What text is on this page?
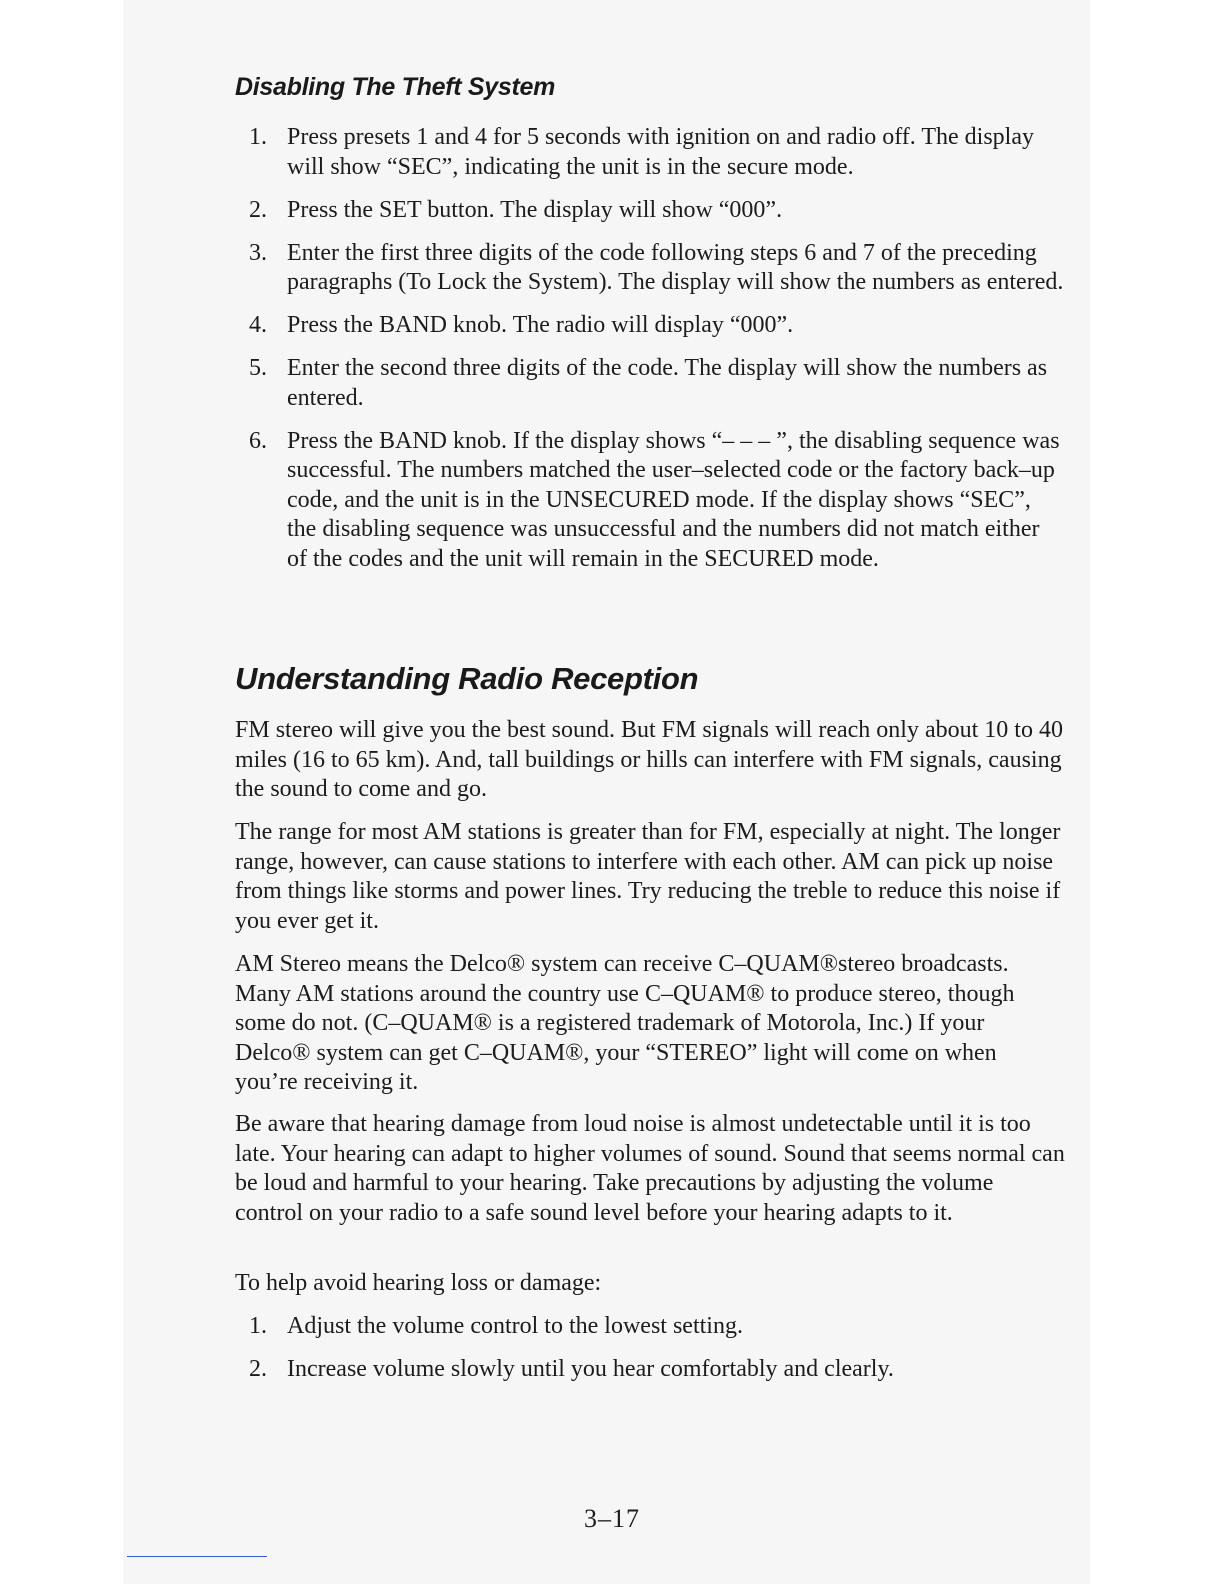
Disabling The Theft System
1. Press presets 1 and 4 for 5 seconds with ignition on and radio off. The display will show “SEC”, indicating the unit is in the secure mode.
2. Press the SET button. The display will show “000”.
3. Enter the first three digits of the code following steps 6 and 7 of the preceding paragraphs (To Lock the System). The display will show the numbers as entered.
4. Press the BAND knob. The radio will display “000”.
5. Enter the second three digits of the code. The display will show the numbers as entered.
6. Press the BAND knob. If the display shows “– – – ”, the disabling sequence was successful. The numbers matched the user–selected code or the factory back–up code, and the unit is in the UNSECURED mode. If the display shows “SEC”, the disabling sequence was unsuccessful and the numbers did not match either of the codes and the unit will remain in the SECURED mode.
Understanding Radio Reception

FM stereo will give you the best sound. But FM signals will reach only about 10 to 40 miles (16 to 65 km). And, tall buildings or hills can interfere with FM signals, causing the sound to come and go.

The range for most AM stations is greater than for FM, especially at night. The longer range, however, can cause stations to interfere with each other. AM can pick up noise from things like storms and power lines. Try reducing the treble to reduce this noise if you ever get it.

AM Stereo means the Delco® system can receive C–QUAM®stereo broadcasts. Many AM stations around the country use C–QUAM® to produce stereo, though some do not. (C–QUAM® is a registered trademark of Motorola, Inc.) If your Delco® system can get C–QUAM®, your “STEREO” light will come on when you’re receiving it.

Be aware that hearing damage from loud noise is almost undetectable until it is too late. Your hearing can adapt to higher volumes of sound. Sound that seems normal can be loud and harmful to your hearing. Take precautions by adjusting the volume control on your radio to a safe sound level before your hearing adapts to it.

To help avoid hearing loss or damage:

1. Adjust the volume control to the lowest setting.
2. Increase volume slowly until you hear comfortably and clearly.
3–17
